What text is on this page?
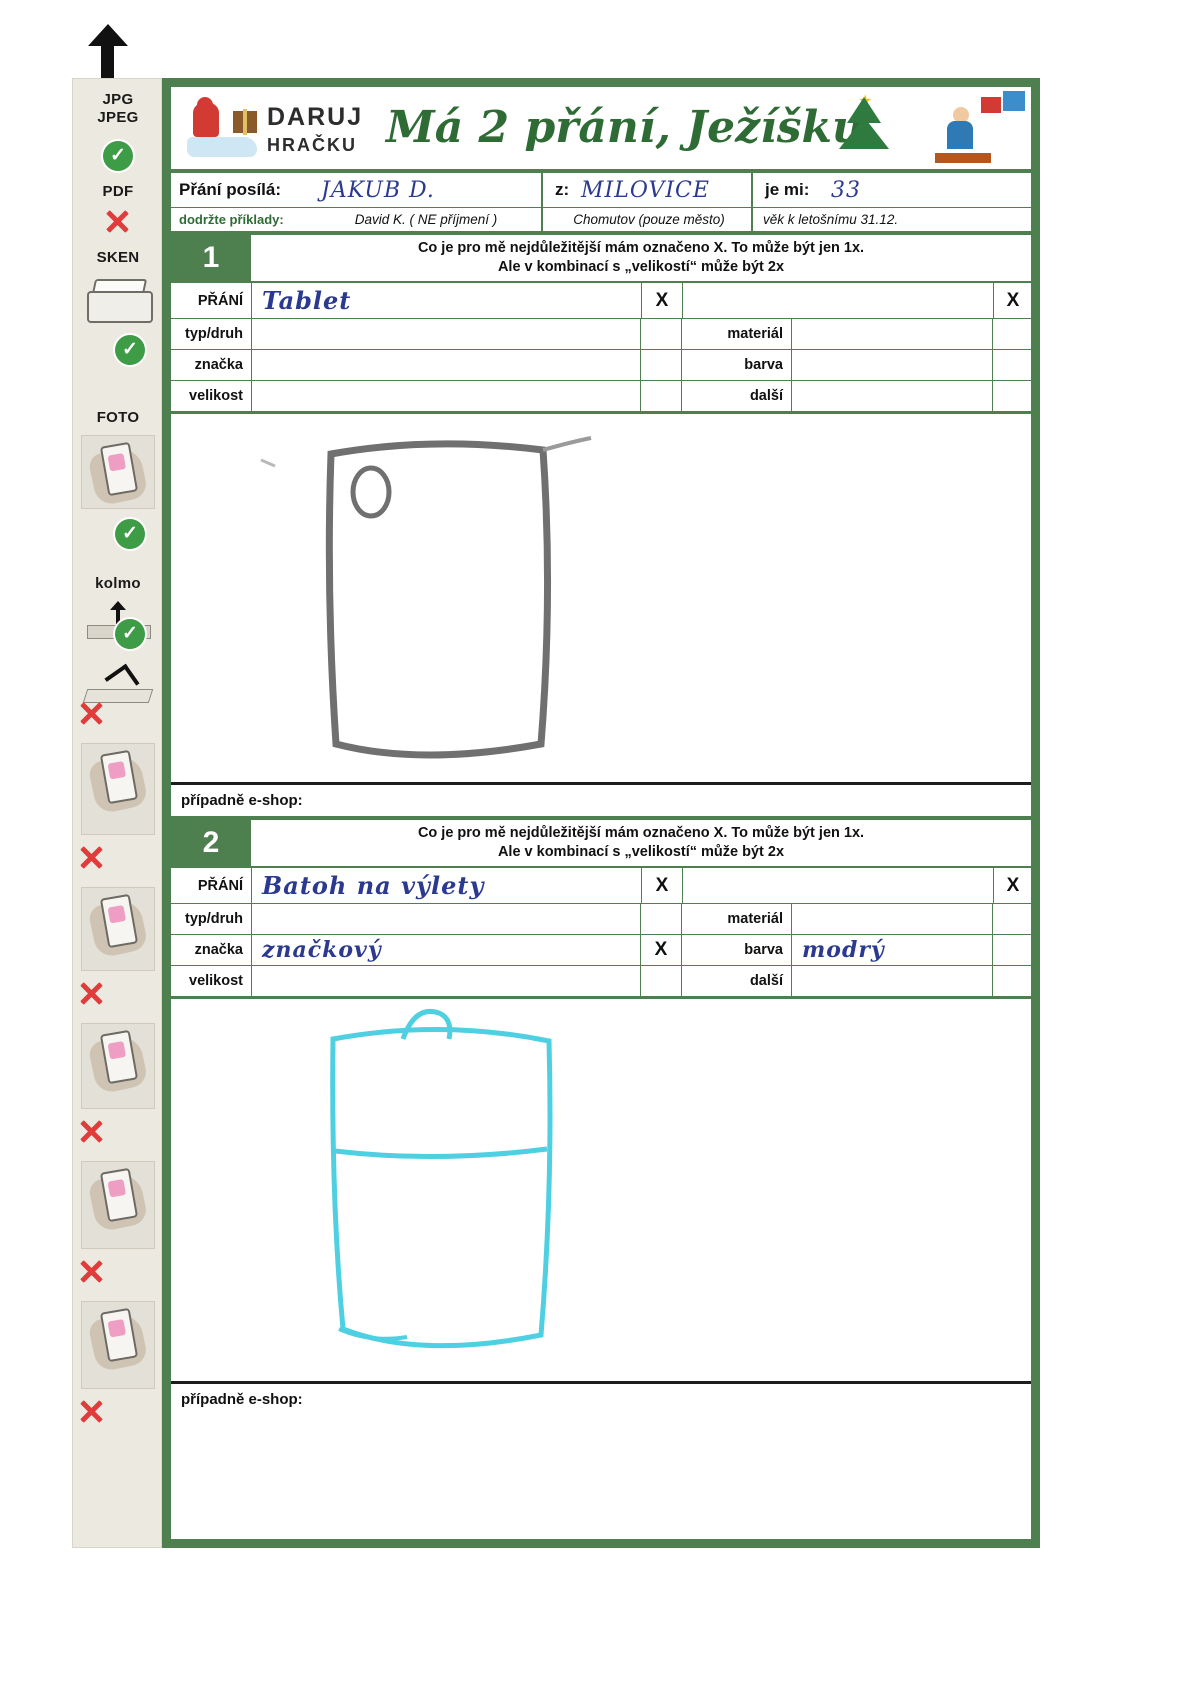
JPG
JPEG
✓
PDF
SKEN
✓
FOTO
✓
kolmo
✓
DARUJ
HRAČKU Má 2 přání, Ježíšku
★
Přání posílá:	JAKUB D.	z: MILOVICE	je mi: 33
dodržte příklady:	David K. ( NE příjmení )	Chomutov (pouze město)	věk k letošnímu 31.12.
1	Co je pro mě nejdůležitější mám označeno X. To může být jen 1x.
Ale v kombinací s „velikostí“ může být 2x
PŘÁNÍ Tablet	X	X
typ/druh	materiál
značka	barva
velikost	další
případně e-shop:
2	Co je pro mě nejdůležitější mám označeno X. To může být jen 1x.
Ale v kombinací s „velikostí“ může být 2x
PŘÁNÍ Batoh na výlety	X	X
typ/druh	materiál
značka značkový	X	barva modrý
velikost	další
případně e-shop:
